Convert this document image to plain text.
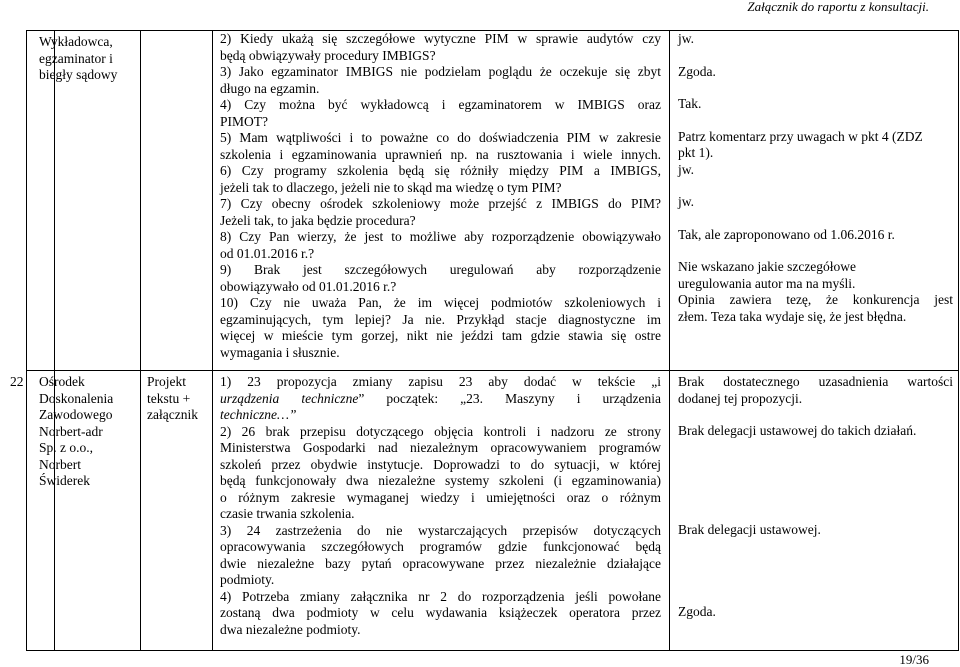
Załącznik do raportu z konsultacji.

Wykładowca,

egzaminator i

biegły sądowy

2) Kiedy ukażą się szczegółowe wytyczne PIM w sprawie audytów czy

będą obwiązywały procedury IMBIGS?

3) Jako egzaminator IMBIGS nie podzielam poglądu że oczekuje się zbyt

długo na egzamin.

4) Czy można być wykładowcą i egzaminatorem w IMBIGS oraz

PIMOT?

5) Mam wątpliwości i to poważne co do doświadczenia PIM w zakresie

szkolenia i egzaminowania uprawnień np. na rusztowania i wiele innych.

6) Czy programy szkolenia będą się różniły między PIM a IMBIGS,

jeżeli tak to dlaczego, jeżeli nie to skąd ma wiedzę o tym PIM?

7) Czy obecny ośrodek szkoleniowy może przejść z IMBIGS do PIM?

Jeżeli tak, to jaka będzie procedura?

8) Czy Pan wierzy, że jest to możliwe aby rozporządzenie obowiązywało

od 01.01.2016 r.?

9) Brak jest szczegółowych uregulowań aby rozporządzenie

obowiązywało od 01.01.2016 r.?

10) Czy nie uważa Pan, że im więcej podmiotów szkoleniowych i

egzaminujących, tym lepiej? Ja nie. Przykłąd stacje diagnostyczne im

więcej w mieście tym gorzej, nikt nie jeździ tam gdzie stawia się ostre

wymagania i słusznie.

jw.

Zgoda.

Tak.

Patrz komentarz przy uwagach w pkt 4 (ZDZ

pkt 1).

jw.

jw.

Tak, ale zaproponowano od 1.06.2016 r.

Nie wskazano jakie szczegółowe

uregulowania autor ma na myśli.

Opinia zawiera tezę, że konkurencja jest

złem. Teza taka wydaje się, że jest błędna.

22	Ośrodek

Doskonalenia

Zawodowego

Norbert-adr

Sp. z o.o.,

Norbert

Świderek

Projekt

tekstu +

załącznik

1) 23 propozycja zmiany zapisu 23 aby dodać w tekście „i

urządzenia techniczne” początek: „23. Maszyny i urządzenia

techniczne…”

2) 26 brak przepisu dotyczącego objęcia kontroli i nadzoru ze strony

Ministerstwa Gospodarki nad niezależnym opracowywaniem programów

szkoleń przez obydwie instytucje. Doprowadzi to do sytuacji, w której

będą funkcjonowały dwa niezależne systemy szkoleni (i egzaminowania)

o różnym zakresie wymaganej wiedzy i umiejętności oraz o różnym

czasie trwania szkolenia.

3) 24 zastrzeżenia do nie wystarczających przepisów dotyczących

opracowywania szczegółowych programów gdzie funkcjonować będą

dwie niezależne bazy pytań opracowywane przez niezależnie działające

podmioty.

4) Potrzeba zmiany załącznika nr 2 do rozporządzenia jeśli powołane

zostaną dwa podmioty w celu wydawania książeczek operatora przez

dwa niezależne podmioty.

Brak dostatecznego uzasadnienia wartości

dodanej tej propozycji.

Brak delegacji ustawowej do takich działań.

Brak delegacji ustawowej.

Zgoda.

19/36
